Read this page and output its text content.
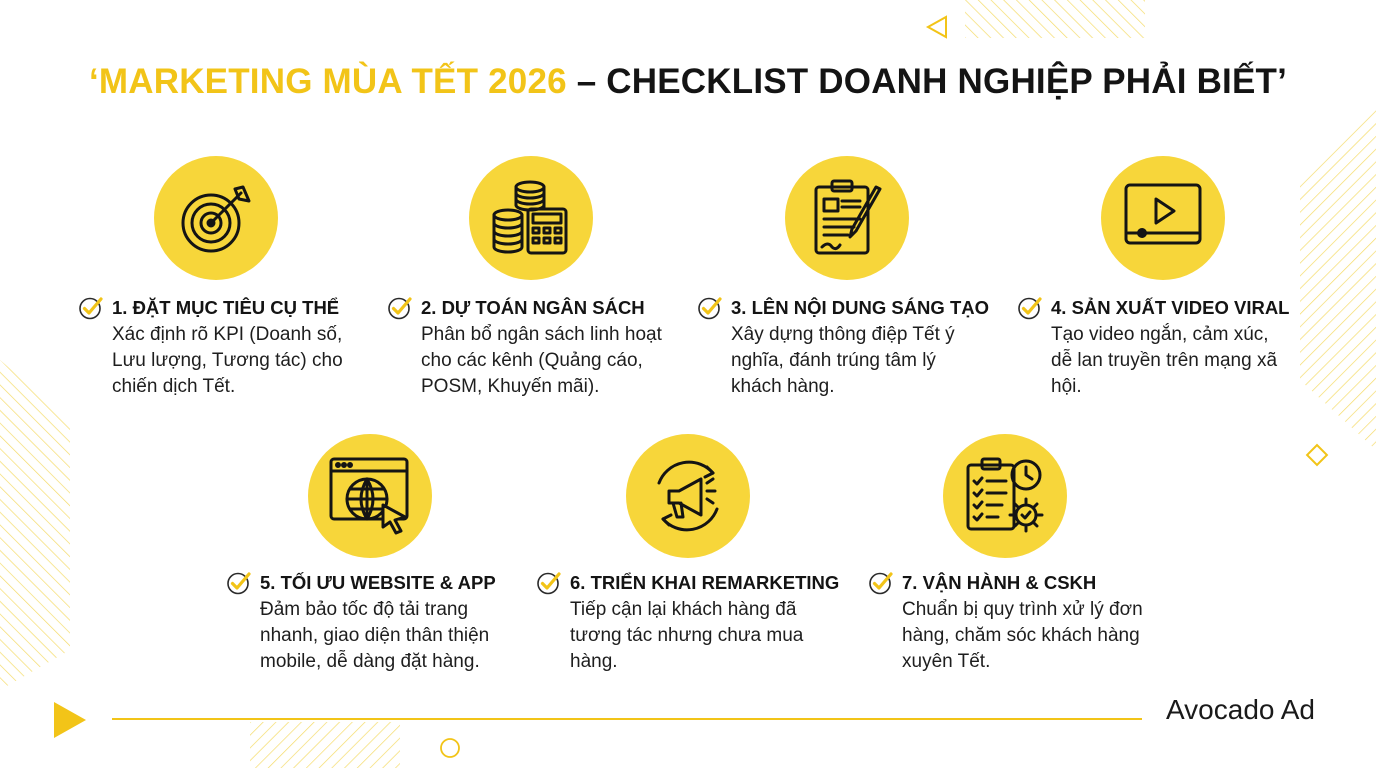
‘MARKETING MÙA TẾT 2026 – CHECKLIST DOANH NGHIỆP PHẢI BIẾT’
1. ĐẶT MỤC TIÊU CỤ THỂ
Xác định rõ KPI (Doanh số, Lưu lượng, Tương tác) cho chiến dịch Tết.
2. DỰ TOÁN NGÂN SÁCH
Phân bổ ngân sách linh hoạt cho các kênh (Quảng cáo, POSM, Khuyến mãi).
3. LÊN NỘI DUNG SÁNG TẠO
Xây dựng thông điệp Tết ý nghĩa, đánh trúng tâm lý khách hàng.
4. SẢN XUẤT VIDEO VIRAL
Tạo video ngắn, cảm xúc, dễ lan truyền trên mạng xã hội.
5. TỐI ƯU WEBSITE & APP
Đảm bảo tốc độ tải trang nhanh, giao diện thân thiện mobile, dễ dàng đặt hàng.
6. TRIỂN KHAI REMARKETING
Tiếp cận lại khách hàng đã tương tác nhưng chưa mua hàng.
7. VẬN HÀNH & CSKH
Chuẩn bị quy trình xử lý đơn hàng, chăm sóc khách hàng xuyên Tết.
Avocado Ad
